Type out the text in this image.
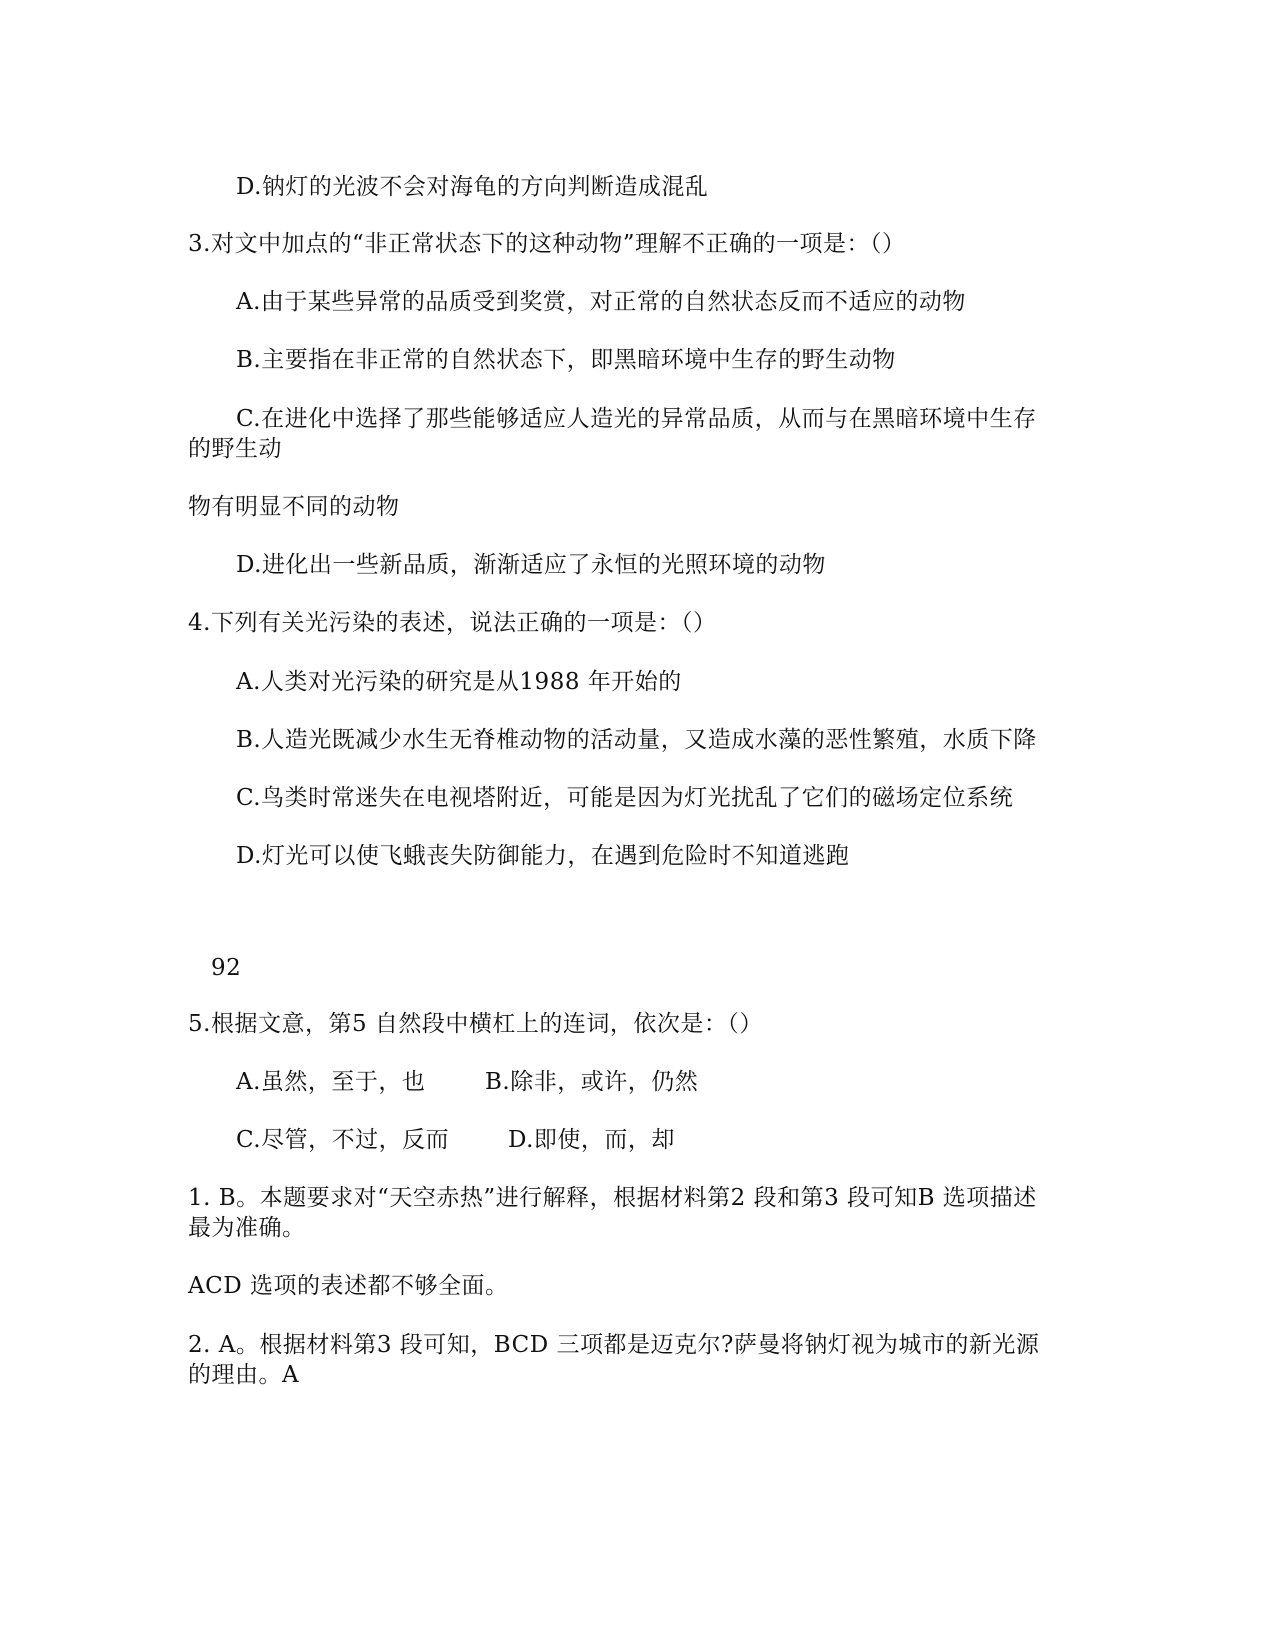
D.钠灯的光波不会对海龟的方向判断造成混乱
3.对文中加点的“非正常状态下的这种动物”理解不正确的一项是：（）
A.由于某些异常的品质受到奖赏，对正常的自然状态反而不适应的动物
B.主要指在非正常的自然状态下，即黑暗环境中生存的野生动物
C.在进化中选择了那些能够适应人造光的异常品质，从而与在黑暗环境中生存
的野生动
物有明显不同的动物
D.进化出一些新品质，渐渐适应了永恒的光照环境的动物
4.下列有关光污染的表述，说法正确的一项是：（）
A.人类对光污染的研究是从1988 年开始的
B.人造光既减少水生无脊椎动物的活动量，又造成水藻的恶性繁殖，水质下降
C.鸟类时常迷失在电视塔附近，可能是因为灯光扰乱了它们的磁场定位系统
D.灯光可以使飞蛾丧失防御能力，在遇到危险时不知道逃跑
92
5.根据文意，第5 自然段中横杠上的连词，依次是：（）
A.虽然，至于，也	B.除非，或许，仍然
C.尽管，不过，反而	D.即使，而，却
1. B。本题要求对“天空赤热”进行解释，根据材料第2 段和第3 段可知B 选项描述
最为准确。
ACD 选项的表述都不够全面。
2. A。根据材料第3 段可知，BCD 三项都是迈克尔?萨曼将钠灯视为城市的新光源
的理由。A
